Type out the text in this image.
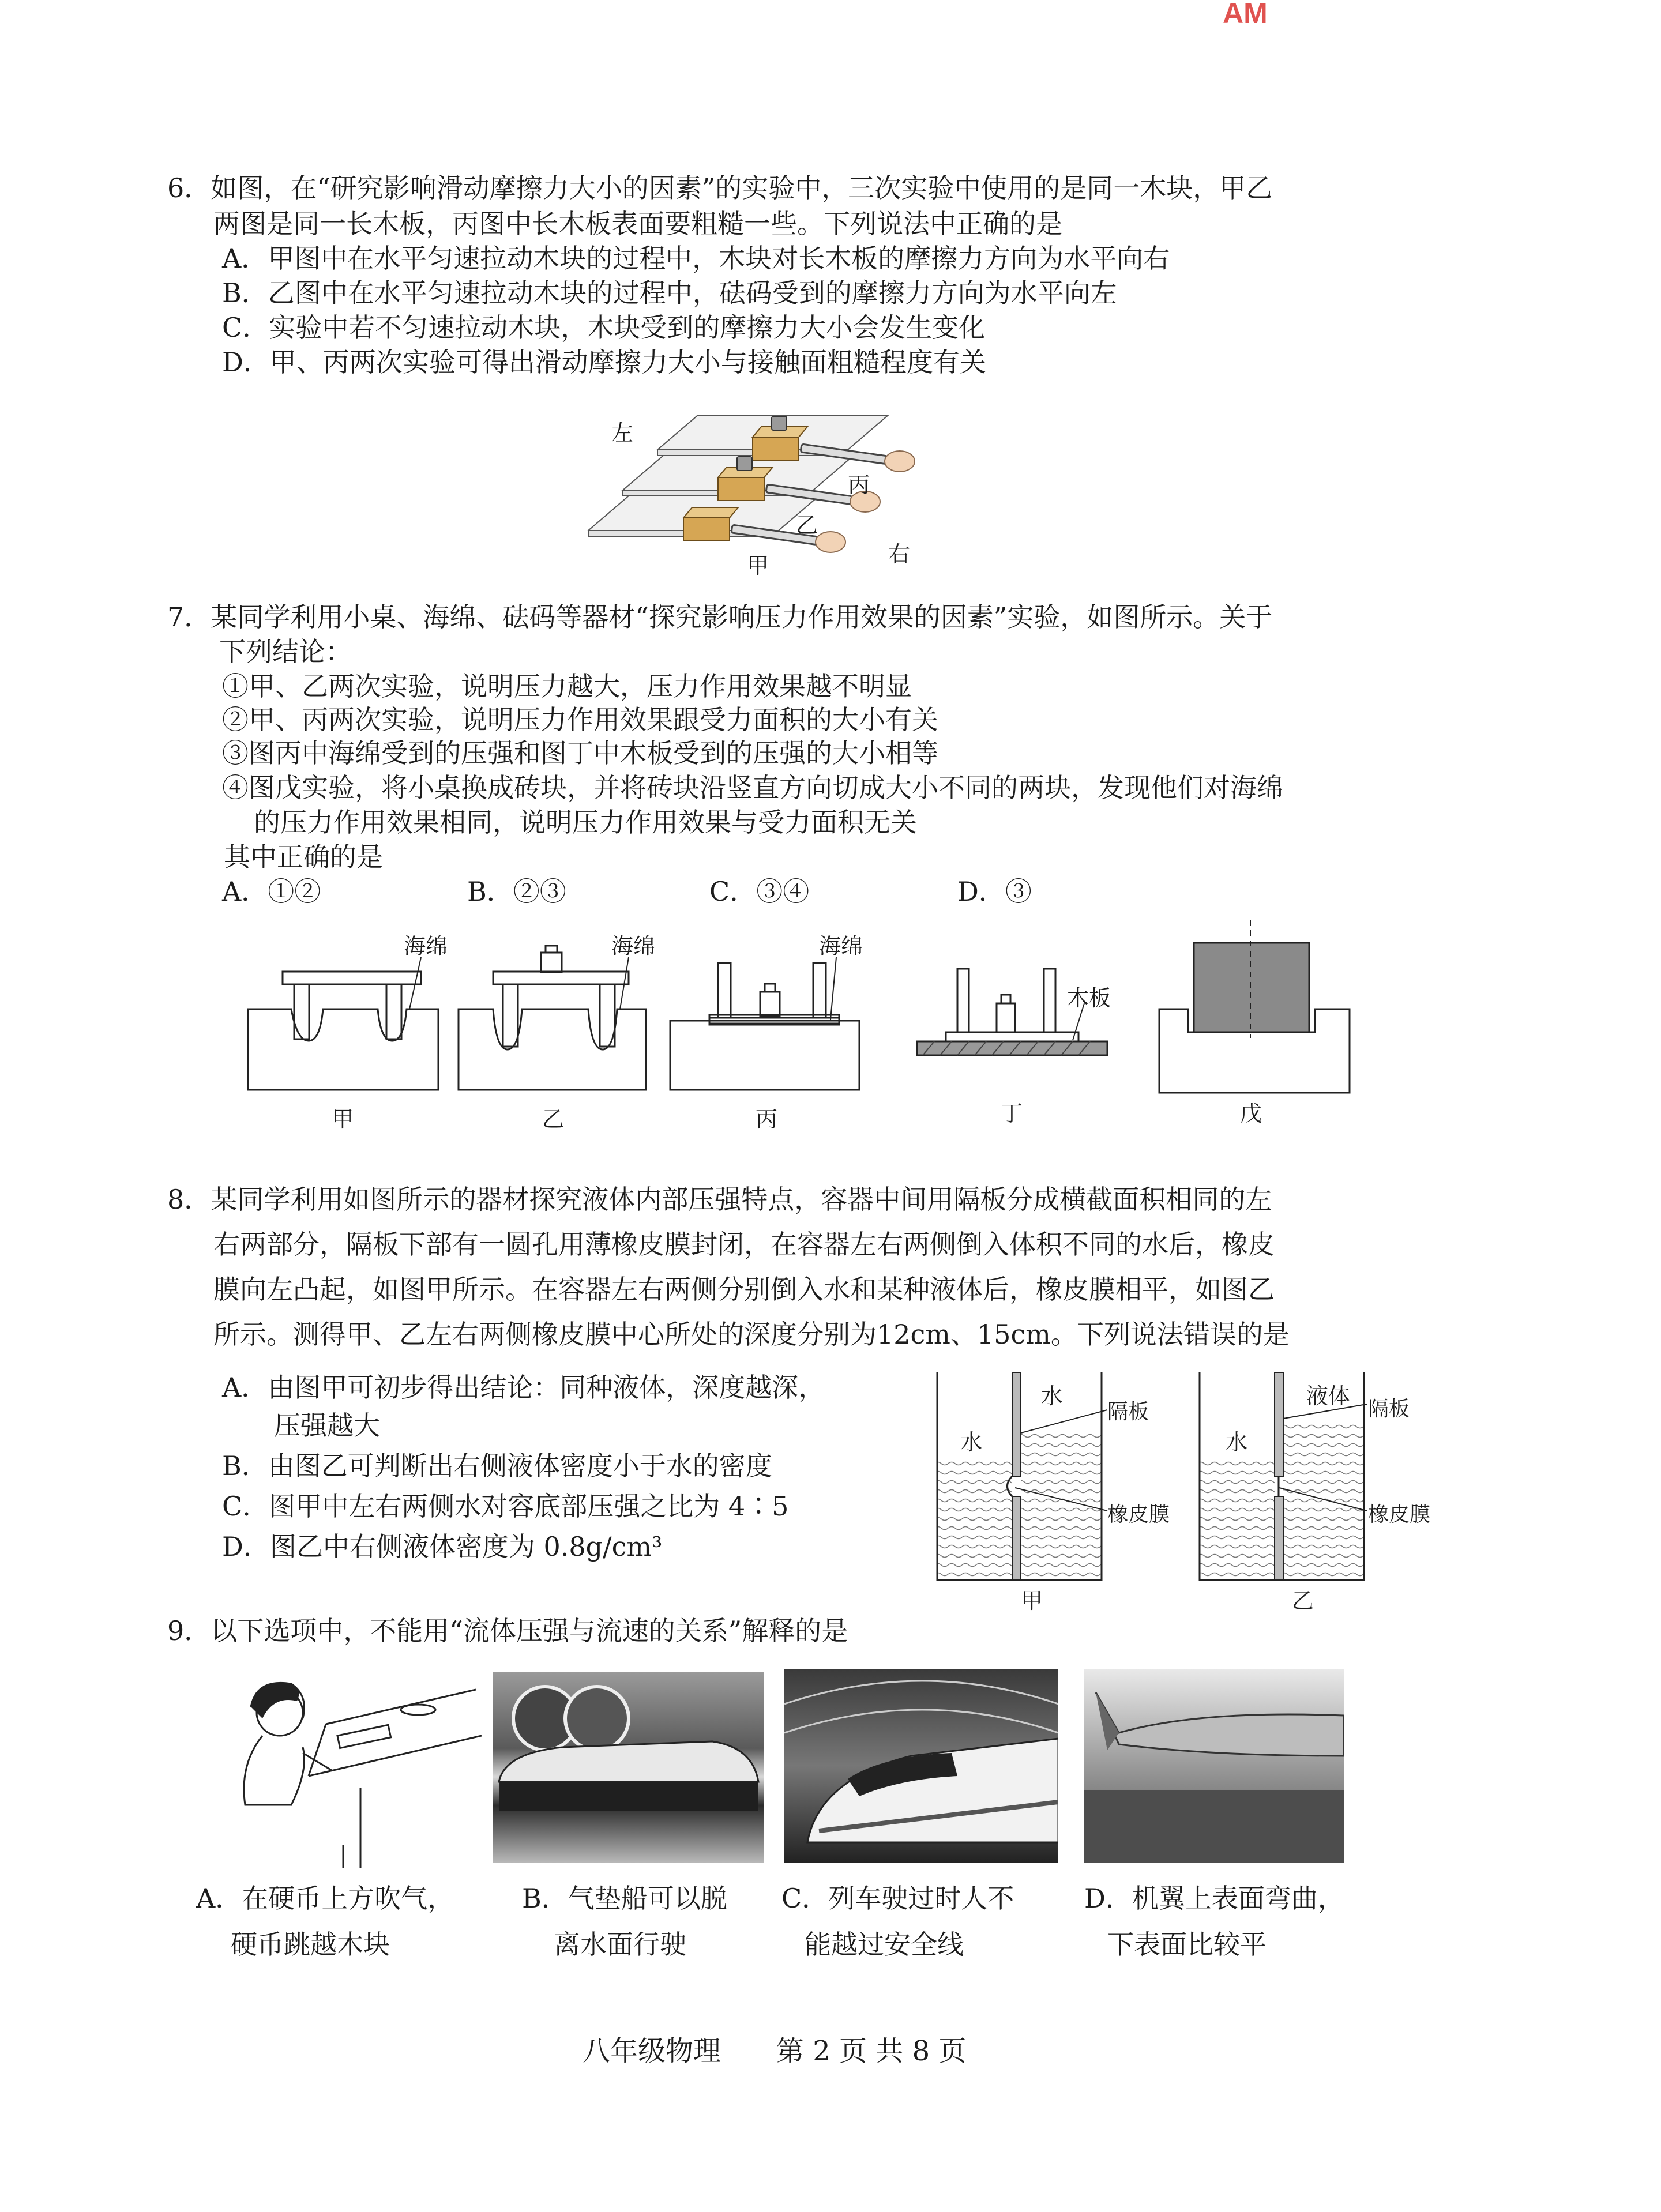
AM
6．如图，在“研究影响滑动摩擦力大小的因素”的实验中，三次实验中使用的是同一木块，甲乙
两图是同一长木板，丙图中长木板表面要粗糙一些。下列说法中正确的是
A．甲图中在水平匀速拉动木块的过程中，木块对长木板的摩擦力方向为水平向右
B．乙图中在水平匀速拉动木块的过程中，砝码受到的摩擦力方向为水平向左
C．实验中若不匀速拉动木块，木块受到的摩擦力大小会发生变化
D．甲、丙两次实验可得出滑动摩擦力大小与接触面粗糙程度有关
左
右
丙
乙
甲
7．某同学利用小桌、海绵、砝码等器材“探究影响压力作用效果的因素”实验，如图所示。关于
下列结论：
①甲、乙两次实验，说明压力越大，压力作用效果越不明显
②甲、丙两次实验，说明压力作用效果跟受力面积的大小有关
③图丙中海绵受到的压强和图丁中木板受到的压强的大小相等
④图戊实验，将小桌换成砖块，并将砖块沿竖直方向切成大小不同的两块，发现他们对海绵
的压力作用效果相同，说明压力作用效果与受力面积无关
其中正确的是
A．①②	B．②③	C．③④	D．③
海绵	海绵	海绵
木板
甲	乙	丙	丁	戊
8．某同学利用如图所示的器材探究液体内部压强特点，容器中间用隔板分成横截面积相同的左
右两部分，隔板下部有一圆孔用薄橡皮膜封闭，在容器左右两侧倒入体积不同的水后，橡皮
膜向左凸起，如图甲所示。在容器左右两侧分别倒入水和某种液体后，橡皮膜相平，如图乙
所示。测得甲、乙左右两侧橡皮膜中心所处的深度分别为12cm、15cm。下列说法错误的是
A．由图甲可初步得出结论：同种液体，深度越深，
压强越大
B．由图乙可判断出右侧液体密度小于水的密度
C．图甲中左右两侧水对容底部压强之比为 4∶5
D．图乙中右侧液体密度为 0.8g/cm³
水
水
隔板
橡皮膜
甲
液体
水
隔板
橡皮膜
乙
9．以下选项中，不能用“流体压强与流速的关系”解释的是
A．在硬币上方吹气，
硬币跳越木块
B．气垫船可以脱
离水面行驶
C．列车驶过时人不
能越过安全线
D．机翼上表面弯曲，
下表面比较平
八年级物理　　第 2 页 共 8 页
